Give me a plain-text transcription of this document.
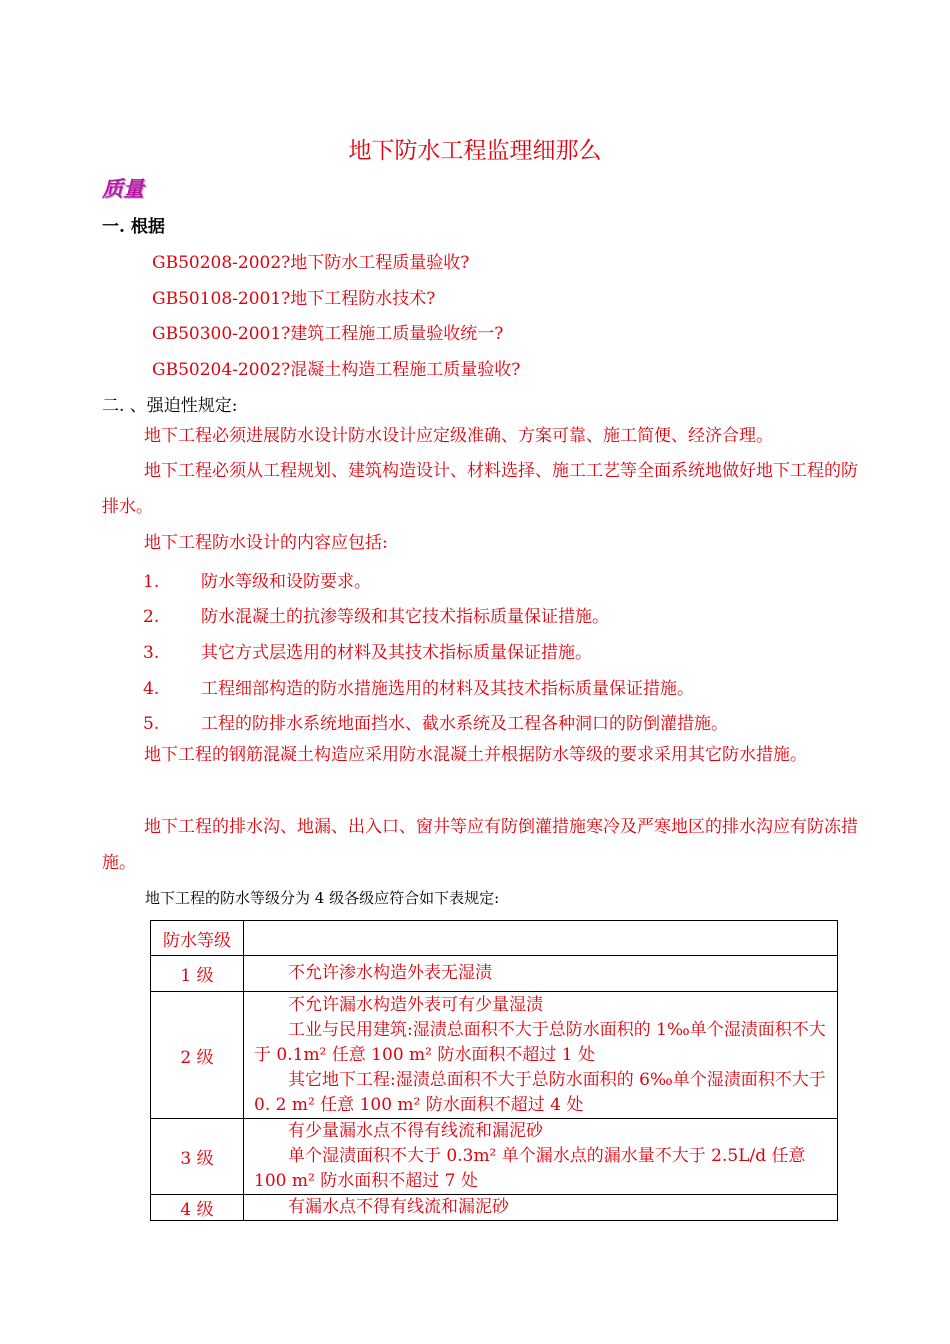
地下防水工程监理细那么
质量
一. 根据
GB50208-2002?地下防水工程质量验收?
GB50108-2001?地下工程防水技术?
GB50300-2001?建筑工程施工质量验收统一?
GB50204-2002?混凝土构造工程施工质量验收?
二. 、强迫性规定:
地下工程必须进展防水设计防水设计应定级准确、方案可靠、施工简便、经济合理。
地下工程必须从工程规划、建筑构造设计、材料选择、施工工艺等全面系统地做好地下工程的防排水。
地下工程防水设计的内容应包括:
1. 防水等级和设防要求。
2. 防水混凝土的抗渗等级和其它技术指标质量保证措施。
3. 其它方式层选用的材料及其技术指标质量保证措施。
4. 工程细部构造的防水措施选用的材料及其技术指标质量保证措施。
5. 工程的防排水系统地面挡水、截水系统及工程各种洞口的防倒灌措施。
地下工程的钢筋混凝土构造应采用防水混凝土并根据防水等级的要求采用其它防水措施。
地下工程的排水沟、地漏、出入口、窗井等应有防倒灌措施寒冷及严寒地区的排水沟应有防冻措施。
地下工程的防水等级分为 4 级各级应符合如下表规定:
防水等级	
1 级	不允许渗水构造外表无湿渍

2 级	不允许漏水构造外表可有少量湿渍
工业与民用建筑:湿渍总面积不大于总防水面积的 1‰单个湿渍面积不大于 0.1m² 任意 100 m² 防水面积不超过 1 处
其它地下工程:湿渍总面积不大于总防水面积的 6‰单个湿渍面积不大于 0. 2 m² 任意 100 m² 防水面积不超过 4 处

3 级	有少量漏水点不得有线流和漏泥砂
单个湿渍面积不大于 0.3m² 单个漏水点的漏水量不大于 2.5L/d 任意 100 m² 防水面积不超过 7 处

4 级	有漏水点不得有线流和漏泥砂
